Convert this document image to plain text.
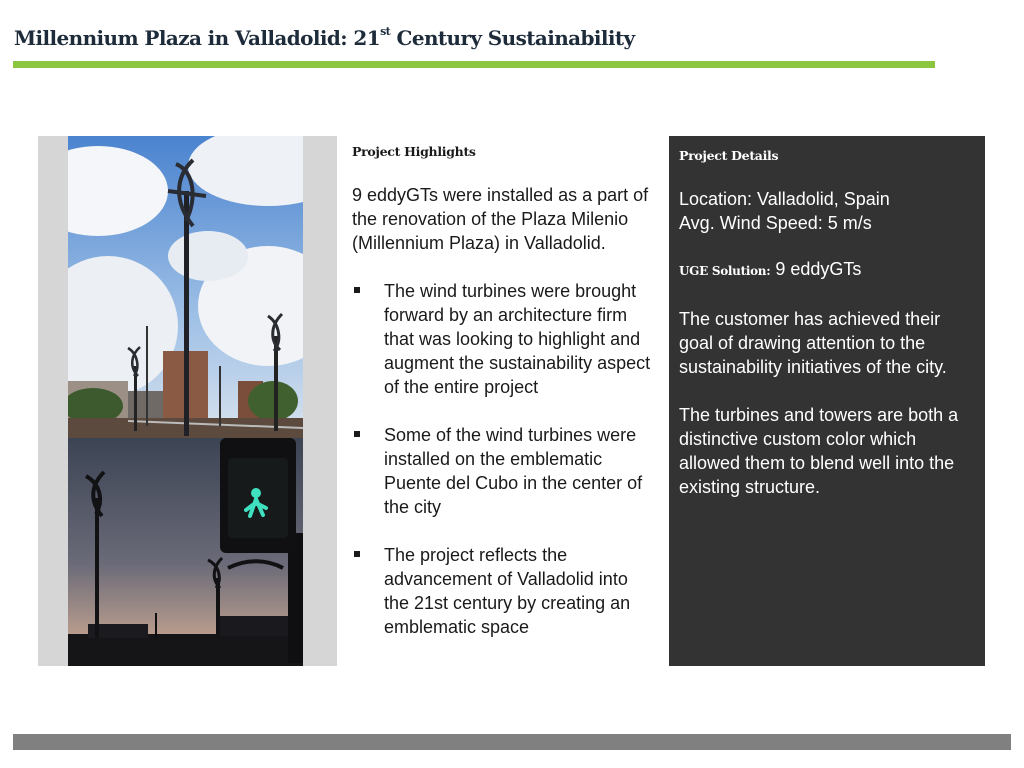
Millennium Plaza in Valladolid: 21st Century Sustainability
Project Highlights

9 eddyGTs were installed as a part of the renovation of the Plaza Milenio (Millennium Plaza) in Valladolid.

The wind turbines were brought forward by an architecture firm that was looking to highlight and augment the sustainability aspect of the entire project
Some of the wind turbines were installed on the emblematic Puente del Cubo in the center of the city
The project reflects the advancement of Valladolid into the 21st century by creating an emblematic space
Project Details

Location: Valladolid, Spain

Avg. Wind Speed: 5 m/s

UGE Solution: 9 eddyGTs

The customer has achieved their goal of drawing attention to the sustainability initiatives of the city.

The turbines and towers are both a distinctive custom color which allowed them to blend well into the existing structure.
